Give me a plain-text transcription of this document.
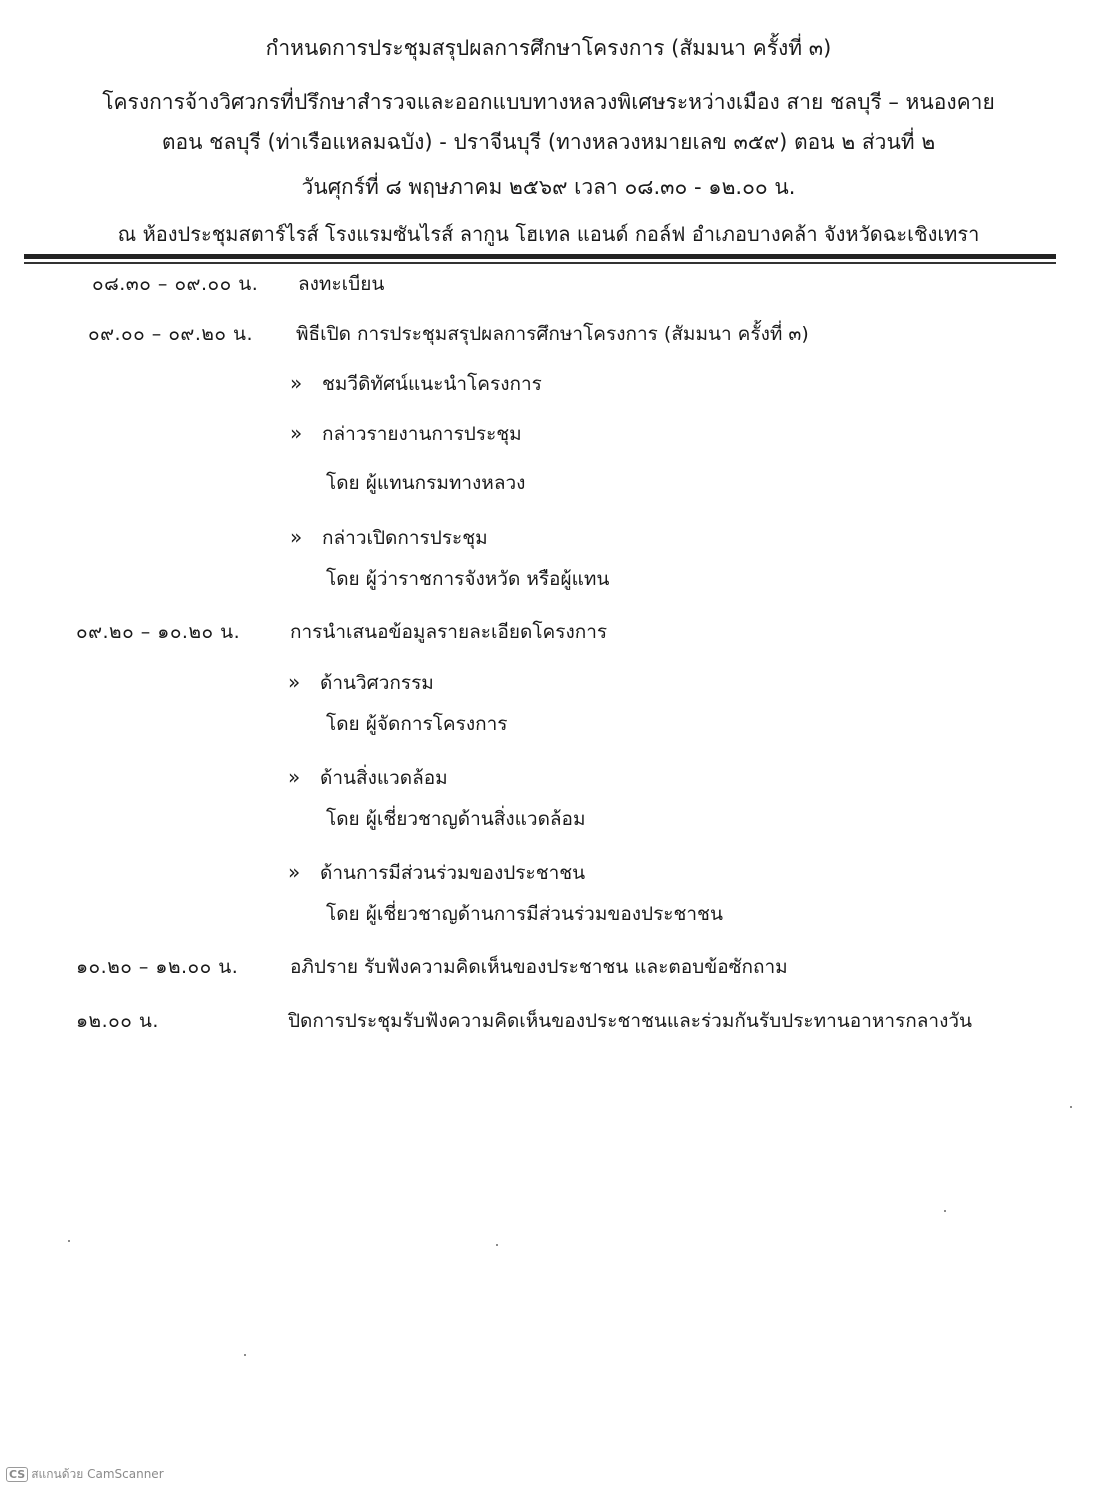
กำหนดการประชุมสรุปผลการศึกษาโครงการ (สัมมนา ครั้งที่ ๓)
โครงการจ้างวิศวกรที่ปรึกษาสำรวจและออกแบบทางหลวงพิเศษระหว่างเมือง สาย ชลบุรี – หนองคาย
ตอน ชลบุรี (ท่าเรือแหลมฉบัง) - ปราจีนบุรี (ทางหลวงหมายเลข ๓๕๙) ตอน ๒ ส่วนที่ ๒
วันศุกร์ที่ ๘ พฤษภาคม ๒๕๖๙ เวลา ๐๘.๓๐ - ๑๒.๐๐ น.
ณ ห้องประชุมสตาร์ไรส์ โรงแรมซันไรส์ ลากูน โฮเทล แอนด์ กอล์ฟ อำเภอบางคล้า จังหวัดฉะเชิงเทรา
๐๘.๓๐ – ๐๙.๐๐ น. ลงทะเบียน
๐๙.๐๐ – ๐๙.๒๐ น. พิธีเปิด การประชุมสรุปผลการศึกษาโครงการ (สัมมนา ครั้งที่ ๓)
» ชมวีดิทัศน์แนะนำโครงการ
» กล่าวรายงานการประชุม
โดย ผู้แทนกรมทางหลวง
» กล่าวเปิดการประชุม
โดย ผู้ว่าราชการจังหวัด หรือผู้แทน
๐๙.๒๐ – ๑๐.๒๐ น.	การนำเสนอข้อมูลรายละเอียดโครงการ
» ด้านวิศวกรรม
โดย ผู้จัดการโครงการ
» ด้านสิ่งแวดล้อม
โดย ผู้เชี่ยวชาญด้านสิ่งแวดล้อม
» ด้านการมีส่วนร่วมของประชาชน
โดย ผู้เชี่ยวชาญด้านการมีส่วนร่วมของประชาชน
๑๐.๒๐ – ๑๒.๐๐ น.	อภิปราย รับฟังความคิดเห็นของประชาชน และตอบข้อซักถาม
๑๒.๐๐ น.	ปิดการประชุมรับฟังความคิดเห็นของประชาชนและร่วมกันรับประทานอาหารกลางวัน
CS สแกนด้วย CamScanner
